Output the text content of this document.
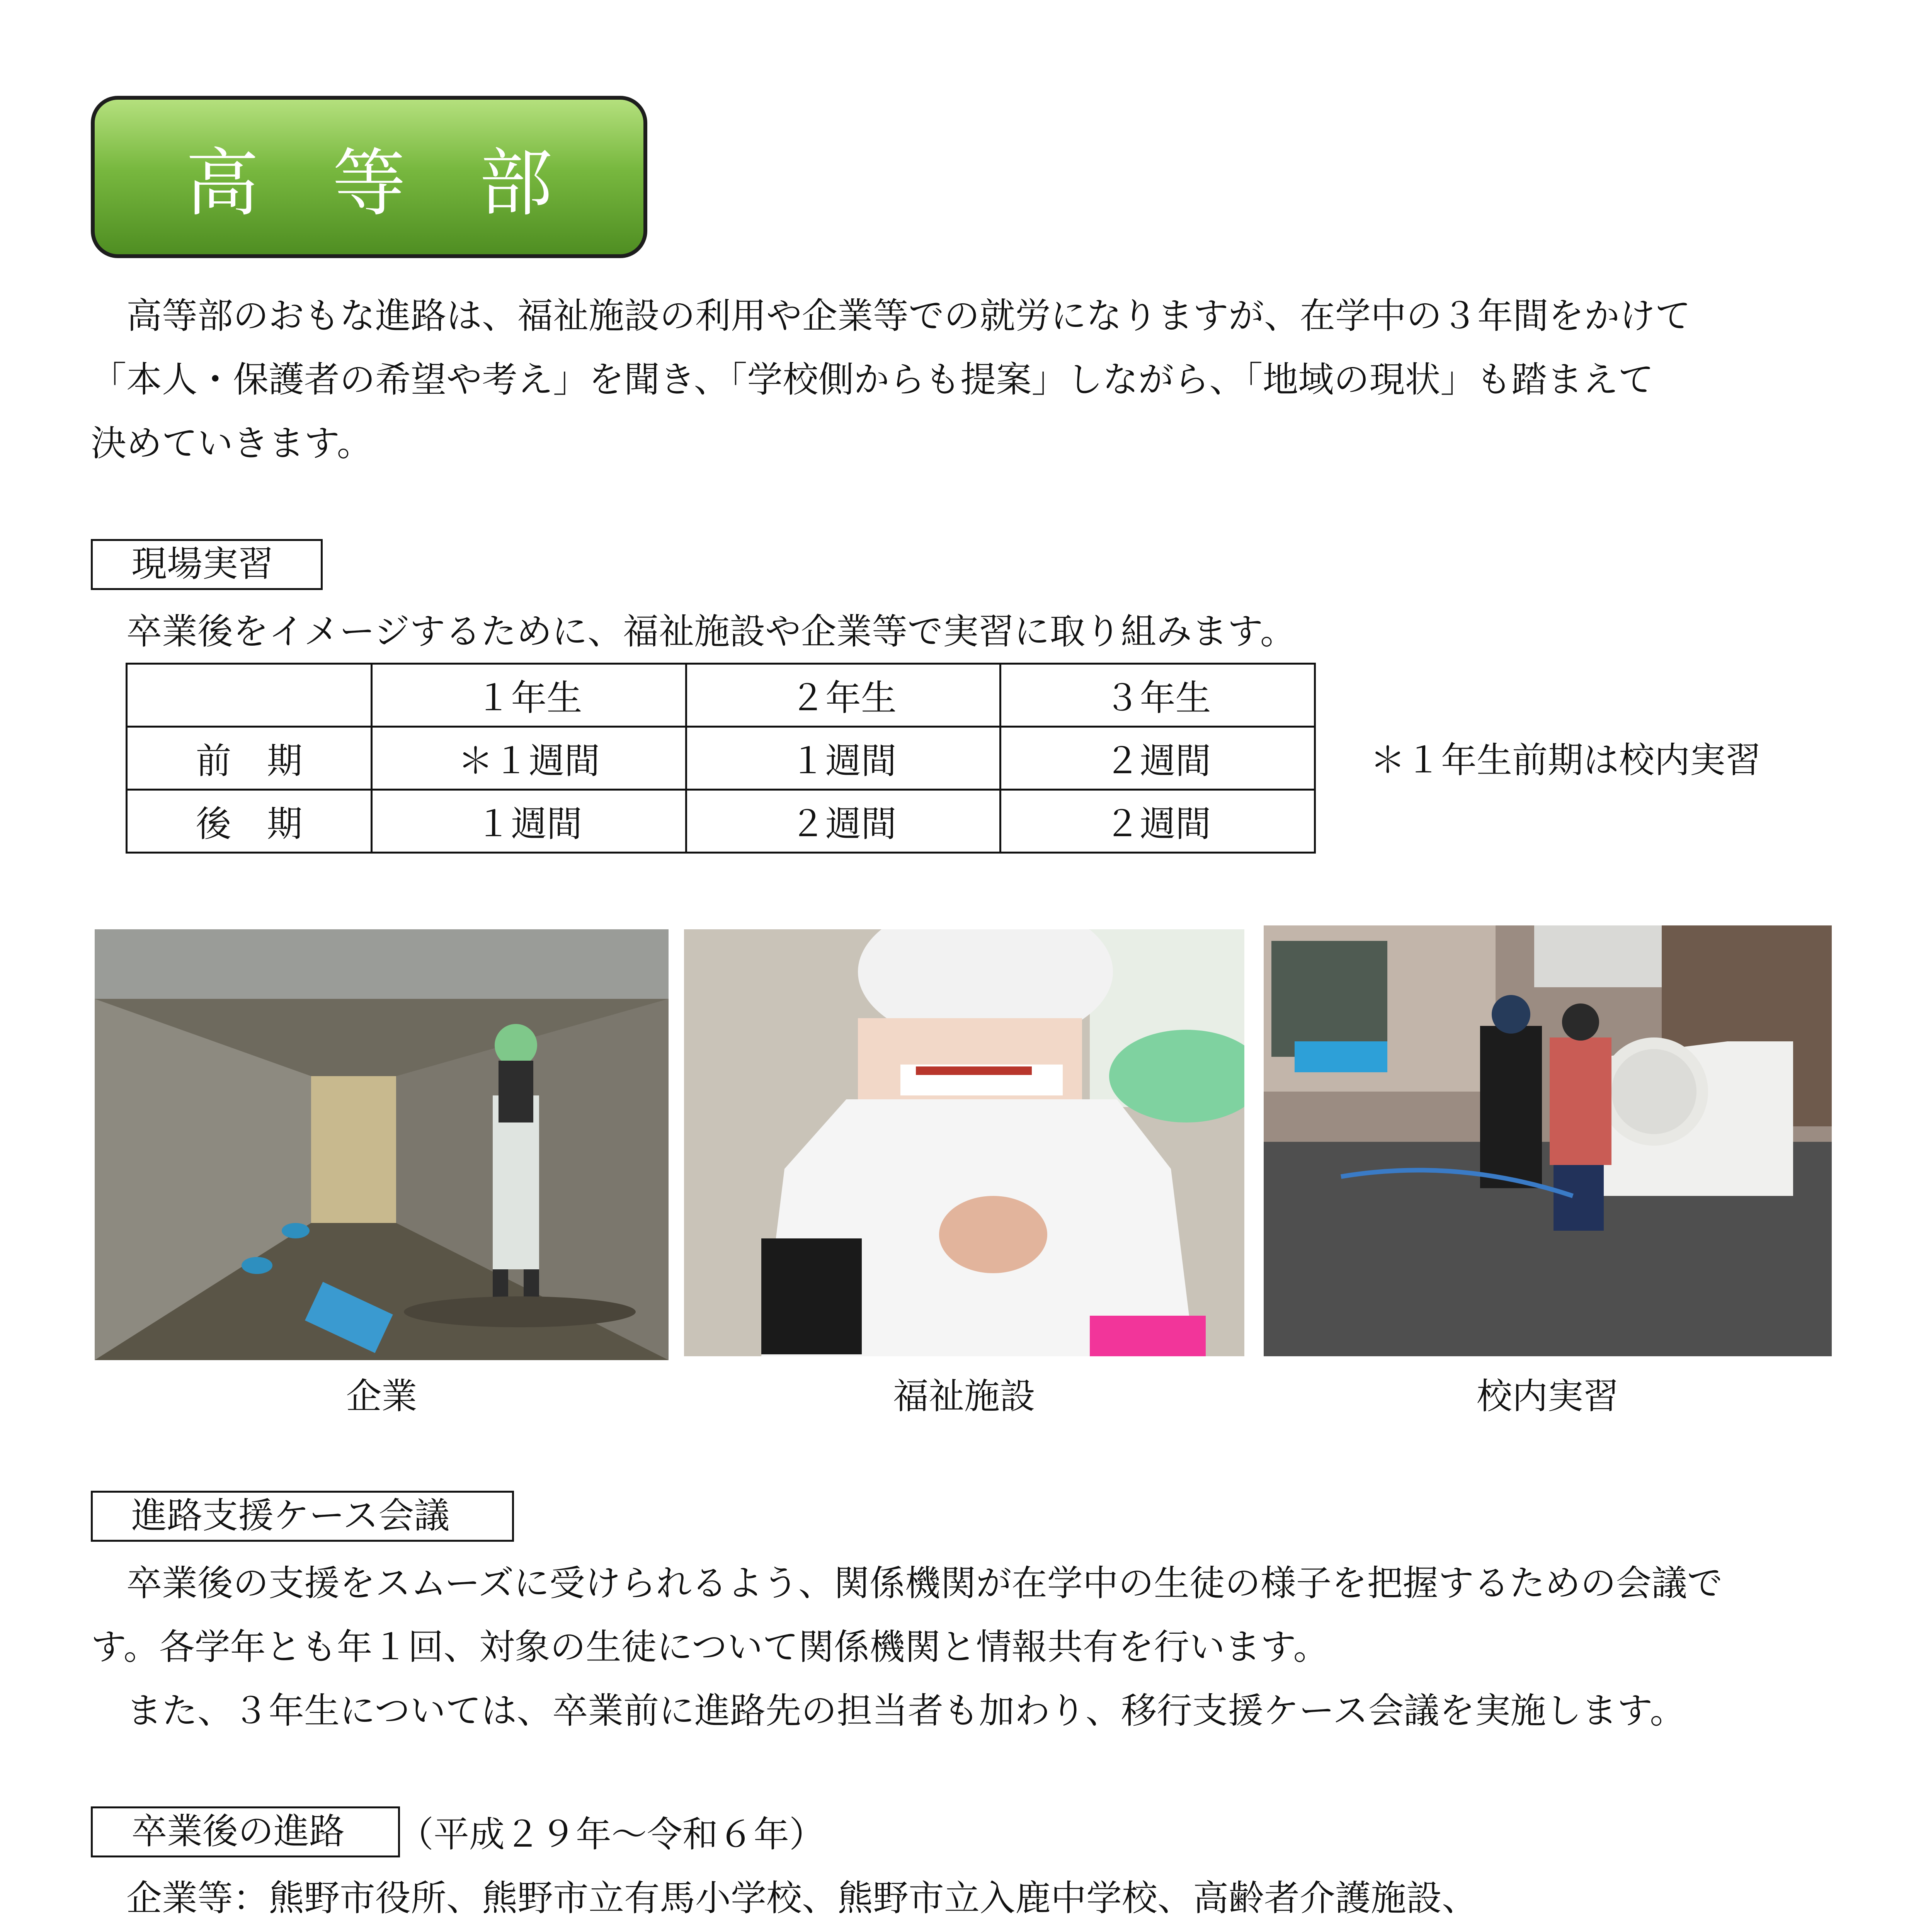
高　等　部
　高等部のおもな進路は、福祉施設の利用や企業等での就労になりますが、在学中の３年間をかけて
「本人・保護者の希望や考え」を聞き、「学校側からも提案」しながら、「地域の現状」も踏まえて
決めていきます。
現場実習
　卒業後をイメージするために、福祉施設や企業等で実習に取り組みます。
	１年生	２年生	３年生
前　期	＊１週間	１週間	２週間
後　期	１週間	２週間	２週間
＊１年生前期は校内実習
企業	福祉施設	校内実習
進路支援ケース会議
　卒業後の支援をスムーズに受けられるよう、関係機関が在学中の生徒の様子を把握するための会議で
す。各学年とも年１回、対象の生徒について関係機関と情報共有を行います。
　また、３年生については、卒業前に進路先の担当者も加わり、移行支援ケース会議を実施します。
卒業後の進路	（平成２９年～令和６年）
　企業等：熊野市役所、熊野市立有馬小学校、熊野市立入鹿中学校、高齢者介護施設、
